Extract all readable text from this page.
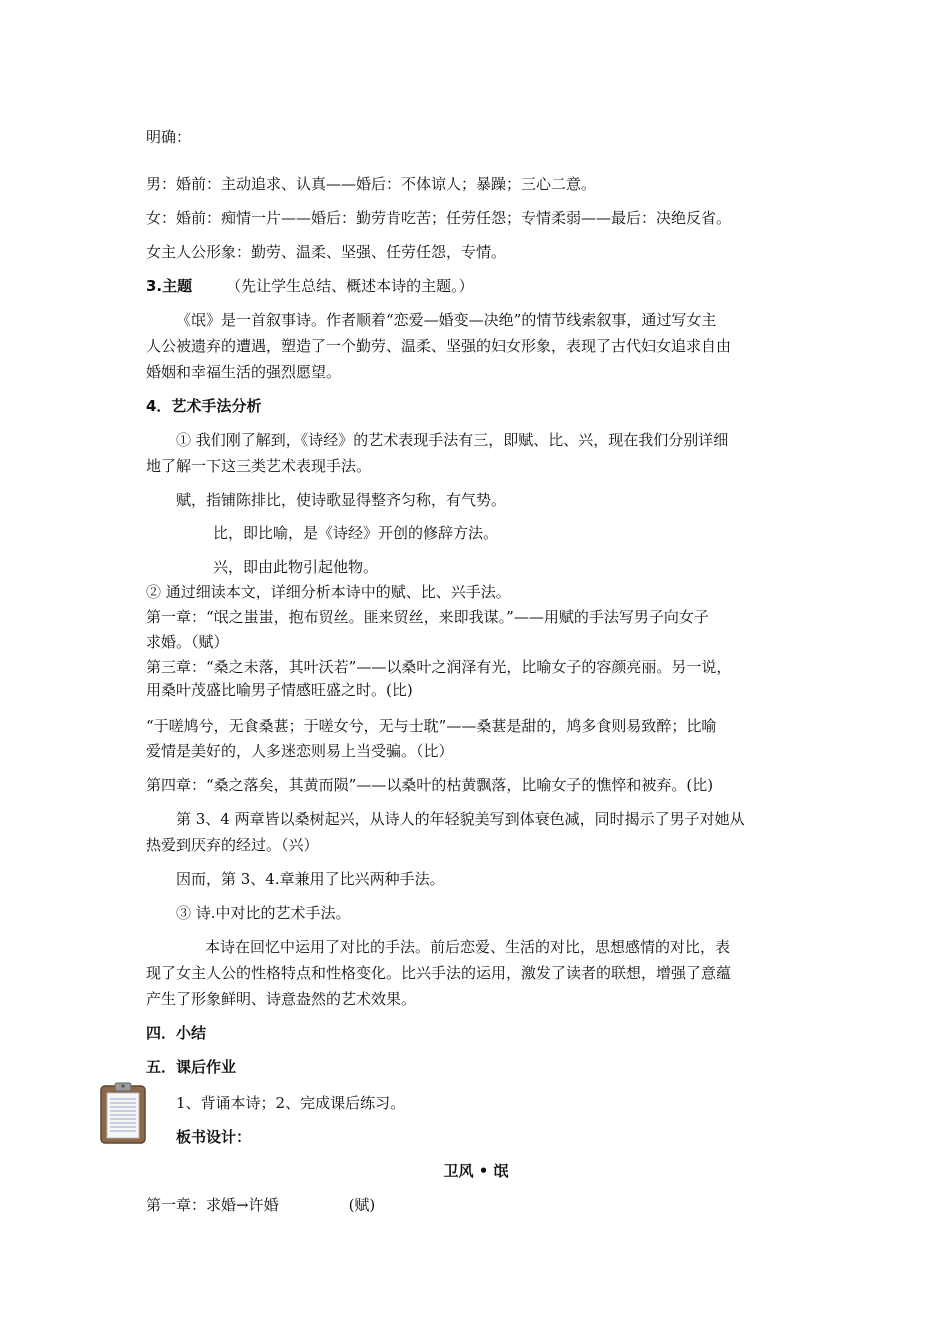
明确：
男：婚前：主动追求、认真——婚后：不体谅人；暴躁；三心二意。
女：婚前：痴情一片——婚后：勤劳肯吃苦；任劳任怨；专情柔弱——最后：决绝反省。
女主人公形象：勤劳、温柔、坚强、任劳任怨，专情。
3.主题 （先让学生总结、概述本诗的主题。）
《氓》是一首叙事诗。作者顺着“恋爱—婚变—决绝”的情节线索叙事，通过写女主
人公被遗弃的遭遇，塑造了一个勤劳、温柔、坚强的妇女形象，表现了古代妇女追求自由
婚姻和幸福生活的强烈愿望。
4．艺术手法分析
① 我们刚了解到，《诗经》的艺术表现手法有三，即赋、比、兴，现在我们分别详细
地了解一下这三类艺术表现手法。
赋，指铺陈排比，使诗歌显得整齐匀称，有气势。
比，即比喻，是《诗经》开创的修辞方法。
兴，即由此物引起他物。
② 通过细读本文，详细分析本诗中的赋、比、兴手法。
第一章：“氓之蚩蚩，抱布贸丝。匪来贸丝，来即我谋。”——用赋的手法写男子向女子
求婚。（赋）
第三章：“桑之未落，其叶沃若”——以桑叶之润泽有光，比喻女子的容颜亮丽。另一说，
用桑叶茂盛比喻男子情感旺盛之时。(比)
“于嗟鸠兮，无食桑葚；于嗟女兮，无与士耽”——桑葚是甜的，鸠多食则易致醉；比喻
爱情是美好的，人多迷恋则易上当受骗。（比）
第四章：“桑之落矣，其黄而陨”——以桑叶的枯黄飘落，比喻女子的憔悴和被弃。(比)
第 3、4 两章皆以桑树起兴，从诗人的年轻貌美写到体衰色减，同时揭示了男子对她从
热爱到厌弃的经过。（兴）
因而，第 3、4.章兼用了比兴两种手法。
③ 诗.中对比的艺术手法。
本诗在回忆中运用了对比的手法。前后恋爱、生活的对比，思想感情的对比，表
现了女主人公的性格特点和性格变化。比兴手法的运用，激发了读者的联想，增强了意蕴
产生了形象鲜明、诗意盎然的艺术效果。
四．小结
五．课后作业
1、背诵本诗；2、完成课后练习。
板书设计：
卫风 • 氓
第一章：求婚→许婚	(赋)
